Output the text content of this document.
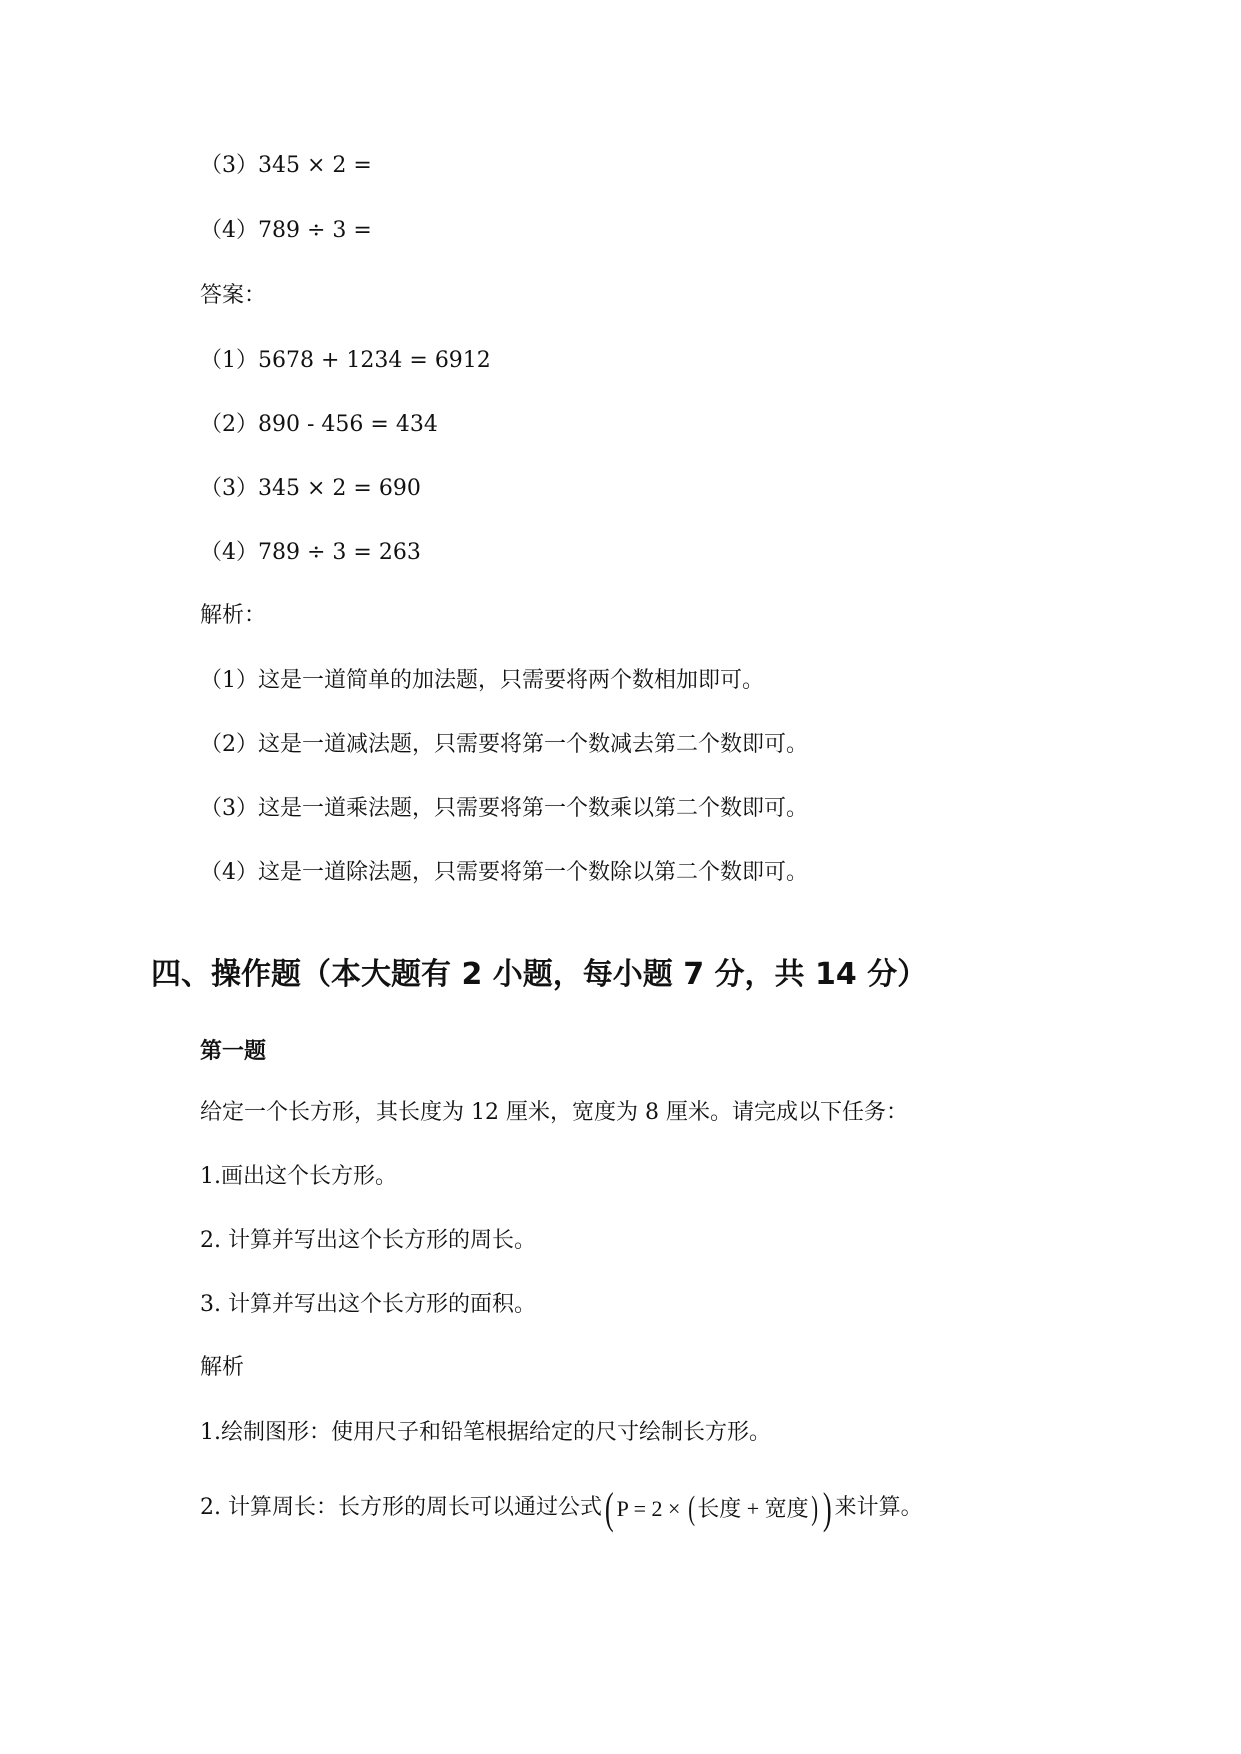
（3）345 × 2 =
（4）789 ÷ 3 =
答案：
（1）5678 + 1234 = 6912
（2）890 - 456 = 434
（3）345 × 2 = 690
（4）789 ÷ 3 = 263
解析：
（1）这是一道简单的加法题，只需要将两个数相加即可。
（2）这是一道减法题，只需要将第一个数减去第二个数即可。
（3）这是一道乘法题，只需要将第一个数乘以第二个数即可。
（4）这是一道除法题，只需要将第一个数除以第二个数即可。
四、操作题（本大题有 2 小题，每小题 7 分，共 14 分）
第一题
给定一个长方形，其长度为 12 厘米，宽度为 8 厘米。请完成以下任务：
1.画出这个长方形。
2. 计算并写出这个长方形的周长。
3. 计算并写出这个长方形的面积。
解析
1.绘制图形：使用尺子和铅笔根据给定的尺寸绘制长方形。
2. 计算周长：长方形的周长可以通过公式( P = 2 × ( 长度 + 宽度) ) 来计算。
